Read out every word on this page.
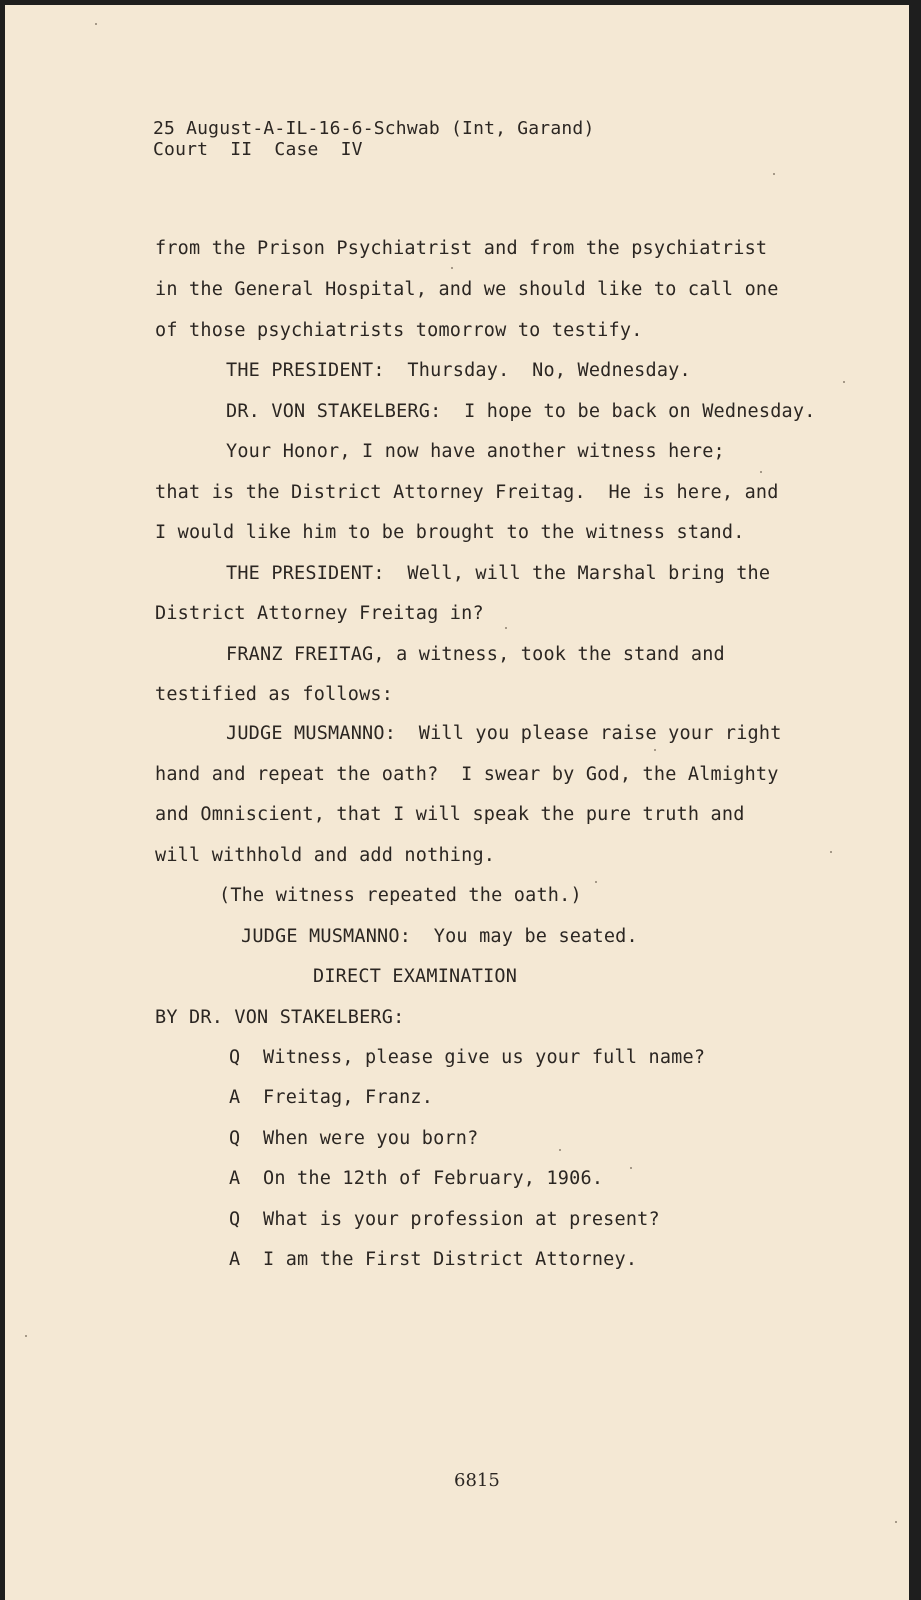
25 August-A-IL-16-6-Schwab (Int, Garand)
Court  II  Case  IV
from the Prison Psychiatrist and from the psychiatrist
in the General Hospital, and we should like to call one
of those psychiatrists tomorrow to testify.
THE PRESIDENT:  Thursday.  No, Wednesday.
DR. VON STAKELBERG:  I hope to be back on Wednesday.
Your Honor, I now have another witness here;
that is the District Attorney Freitag.  He is here, and
I would like him to be brought to the witness stand.
THE PRESIDENT:  Well, will the Marshal bring the
District Attorney Freitag in?
FRANZ FREITAG, a witness, took the stand and
testified as follows:
JUDGE MUSMANNO:  Will you please raise your right
hand and repeat the oath?  I swear by God, the Almighty
and Omniscient, that I will speak the pure truth and
will withhold and add nothing.
(The witness repeated the oath.)
JUDGE MUSMANNO:  You may be seated.
DIRECT EXAMINATION
BY DR. VON STAKELBERG:
Q  Witness, please give us your full name?
A  Freitag, Franz.
Q  When were you born?
A  On the 12th of February, 1906.
Q  What is your profession at present?
A  I am the First District Attorney.
6815
